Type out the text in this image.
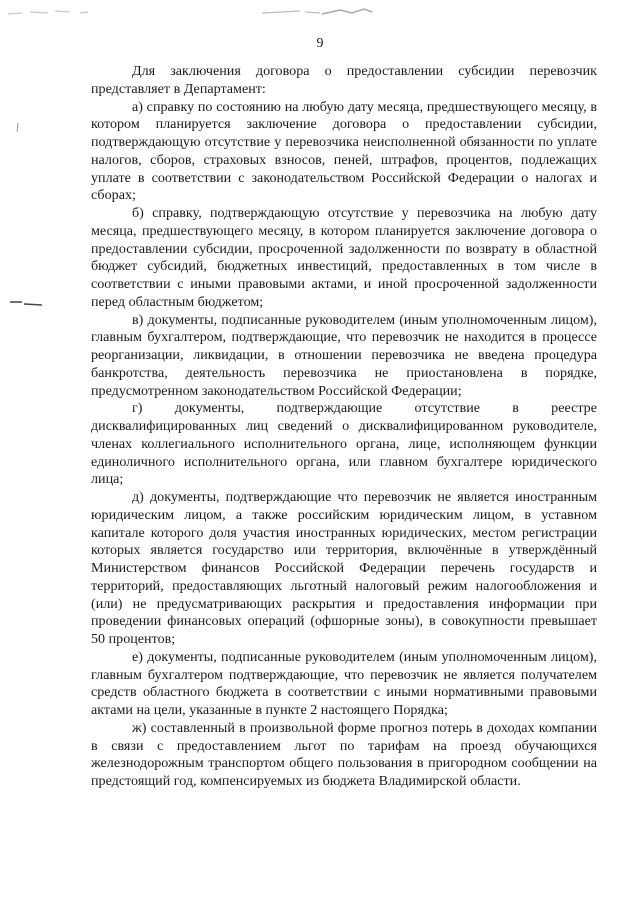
9

Для заключения договора о предоставлении субсидии перевозчик представляет в Департамент:

а) справку по состоянию на любую дату месяца, предшествующего месяцу, в котором планируется заключение договора о предоставлении субсидии, подтверждающую отсутствие у перевозчика неисполненной обязанности по уплате налогов, сборов, страховых взносов, пеней, штрафов, процентов, подлежащих уплате в соответствии с законодательством Российской Федерации о налогах и сборах;

б) справку, подтверждающую отсутствие у перевозчика на любую дату месяца, предшествующего месяцу, в котором планируется заключение договора о предоставлении субсидии, просроченной задолженности по возврату в областной бюджет субсидий, бюджетных инвестиций, предоставленных в том числе в соответствии с иными правовыми актами, и иной просроченной задолженности перед областным бюджетом;

в) документы, подписанные руководителем (иным уполномоченным лицом), главным бухгалтером, подтверждающие, что перевозчик не находится в процессе реорганизации, ликвидации, в отношении перевозчика не введена процедура банкротства, деятельность перевозчика не приостановлена в порядке, предусмотренном законодательством Российской Федерации;

г) документы, подтверждающие отсутствие в реестре дисквалифицированных лиц сведений о дисквалифицированном руководителе, членах коллегиального исполнительного органа, лице, исполняющем функции единоличного исполнительного органа, или главном бухгалтере юридического лица;

д) документы, подтверждающие что перевозчик не является иностранным юридическим лицом, а также российским юридическим лицом, в уставном капитале которого доля участия иностранных юридических, местом регистрации которых является государство или территория, включённые в утверждённый Министерством финансов Российской Федерации перечень государств и территорий, предоставляющих льготный налоговый режим налогообложения и (или) не предусматривающих раскрытия и предоставления информации при проведении финансовых операций (офшорные зоны), в совокупности превышает 50 процентов;

е) документы, подписанные руководителем (иным уполномоченным лицом), главным бухгалтером подтверждающие, что перевозчик не является получателем средств областного бюджета в соответствии с иными нормативными правовыми актами на цели, указанные в пункте 2 настоящего Порядка;

ж) составленный в произвольной форме прогноз потерь в доходах компании в связи с предоставлением льгот по тарифам на проезд обучающихся железнодорожным транспортом общего пользования в пригородном сообщении на предстоящий год, компенсируемых из бюджета Владимирской области.
